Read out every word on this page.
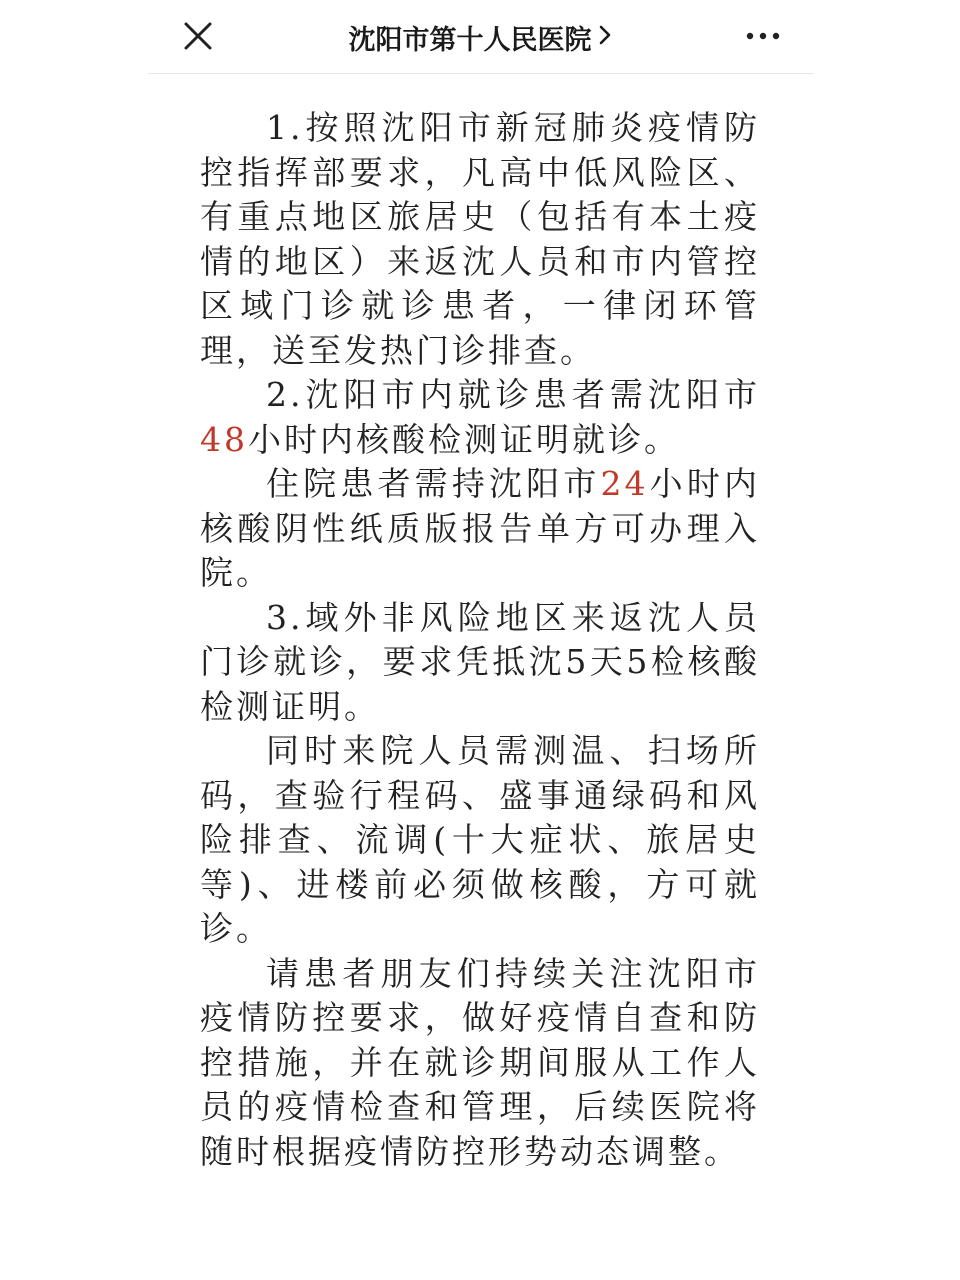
沈阳市第十人民医院

1.按照沈阳市新冠肺炎疫情防控指挥部要求，凡高中低风险区、有重点地区旅居史（包括有本土疫情的地区）来返沈人员和市内管控区域门诊就诊患者，一律闭环管理，送至发热门诊排查。

2.沈阳市内就诊患者需沈阳市48小时内核酸检测证明就诊。

住院患者需持沈阳市24小时内核酸阴性纸质版报告单方可办理入院。

3.域外非风险地区来返沈人员门诊就诊，要求凭抵沈5天5检核酸检测证明。

同时来院人员需测温、扫场所码，查验行程码、盛事通绿码和风险排查、流调(十大症状、旅居史等)、进楼前必须做核酸，方可就诊。

请患者朋友们持续关注沈阳市疫情防控要求，做好疫情自查和防控措施，并在就诊期间服从工作人员的疫情检查和管理，后续医院将随时根据疫情防控形势动态调整。
